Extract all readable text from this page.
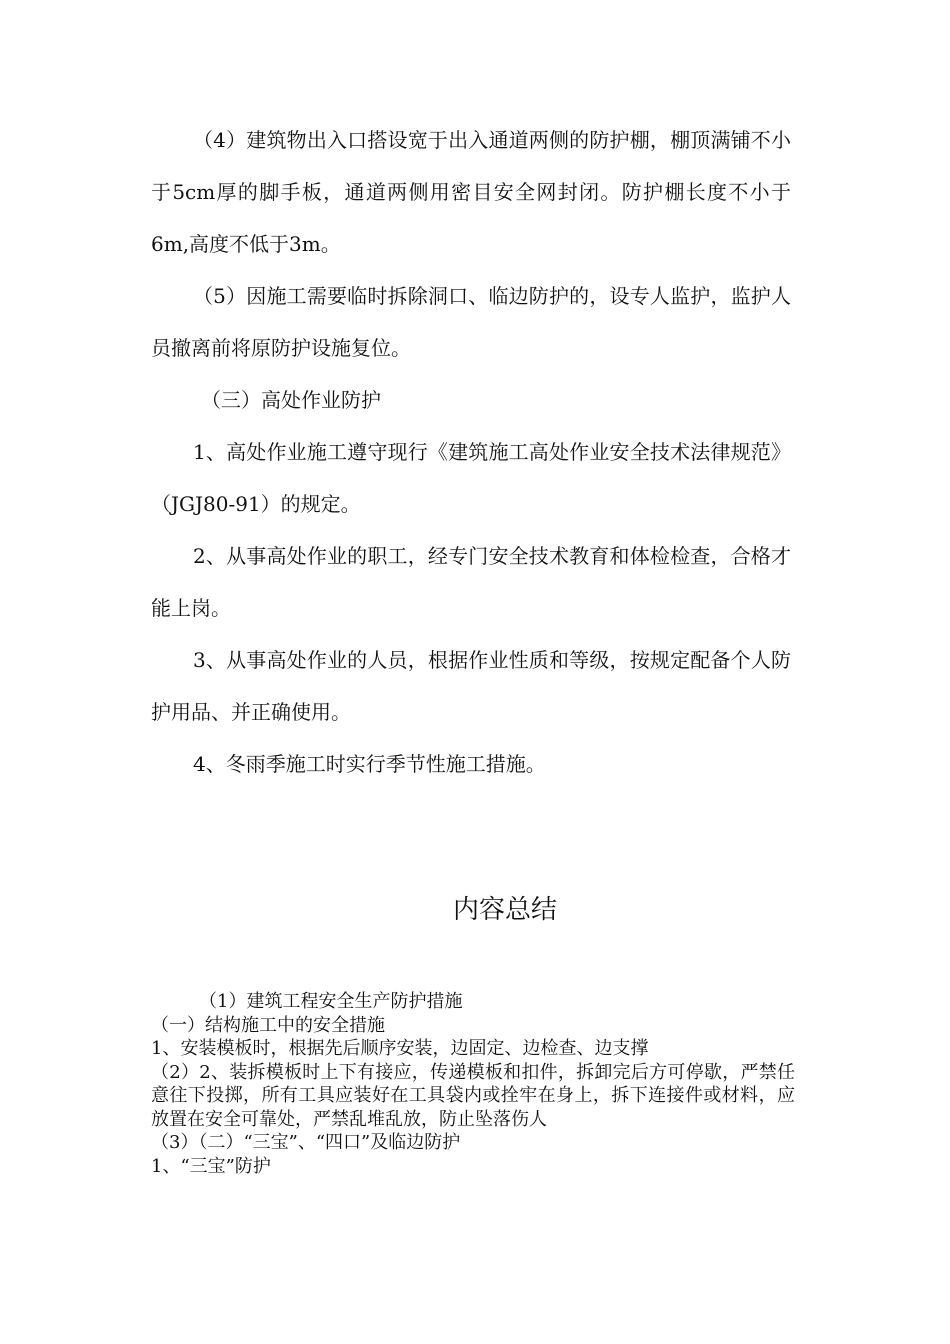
（4）建筑物出入口搭设宽于出入通道两侧的防护棚，棚顶满铺不小于5cm厚的脚手板，通道两侧用密目安全网封闭。防护棚长度不小于6m,高度不低于3m。

（5）因施工需要临时拆除洞口、临边防护的，设专人监护，监护人员撤离前将原防护设施复位。

（三）高处作业防护

1、高处作业施工遵守现行《建筑施工高处作业安全技术法律规范》（JGJ80-91）的规定。

2、从事高处作业的职工，经专门安全技术教育和体检检查，合格才能上岗。

3、从事高处作业的人员，根据作业性质和等级，按规定配备个人防护用品、并正确使用。

4、冬雨季施工时实行季节性施工措施。

内容总结
（1）建筑工程安全生产防护措施
（一）结构施工中的安全措施
1、安装模板时，根据先后顺序安装，边固定、边检查、边支撑
（2）2、装拆模板时上下有接应，传递模板和扣件，拆卸完后方可停歇，严禁任意往下投掷，所有工具应装好在工具袋内或拴牢在身上，拆下连接件或材料，应放置在安全可靠处，严禁乱堆乱放，防止坠落伤人
（3）（二）“三宝”、“四口”及临边防护
1、“三宝”防护
